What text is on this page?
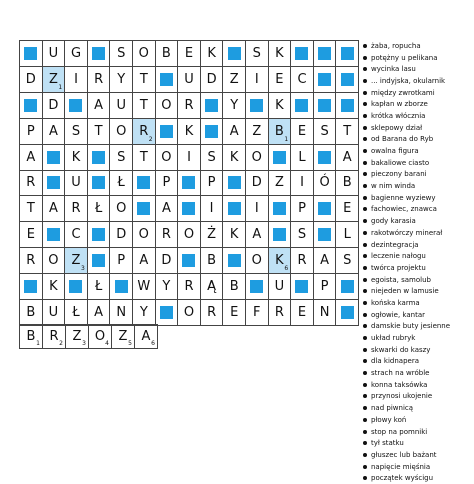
U G	S O B E K	S K
D Z
1
I R Y T	U D Z I E C
D	A U T O R	Y	K
P A S T O R
2
K	A Z B
1
E S T
A	K	S T O I S K O	L	A
R	U	Ł	P	P	D Z I Ó B
T A R Ł O	A	I	I	P	E
E	C	D O R O Ż K A	S	L
R O Z
3
P A D	B	O K
6
R A S
K	Ł	W Y R Ą B	U	P
B U Ł A N Y	O R E F R E N
B 1 R 2 Z 3 O 4 Z 5 A 6
żaba, ropucha
potężny u pelikana
wycinka lasu
... indyjska, okularnik
między zwrotkami
kapłan w zborze
krótka włócznia
sklepowy dział
od Barana do Ryb
owalna figura
bakaliowe ciasto
pieczony barani
w nim winda
bagienne wyziewy
fachowiec, znawca
gody karasia
rakotwórczy minerał
dezintegracja
leczenie nałogu
twórca projektu
egoista, samolub
niejeden w lamusie
końska karma
ogłowie, kantar
damskie buty jesienne
układ rubryk
skwarki do kaszy
dla kidnapera
strach na wróble
konna taksówka
przynosi ukojenie
nad piwnicą
płowy koń
stop na pomniki
tył statku
głuszec lub bażant
napięcie mięśnia
początek wyścigu
